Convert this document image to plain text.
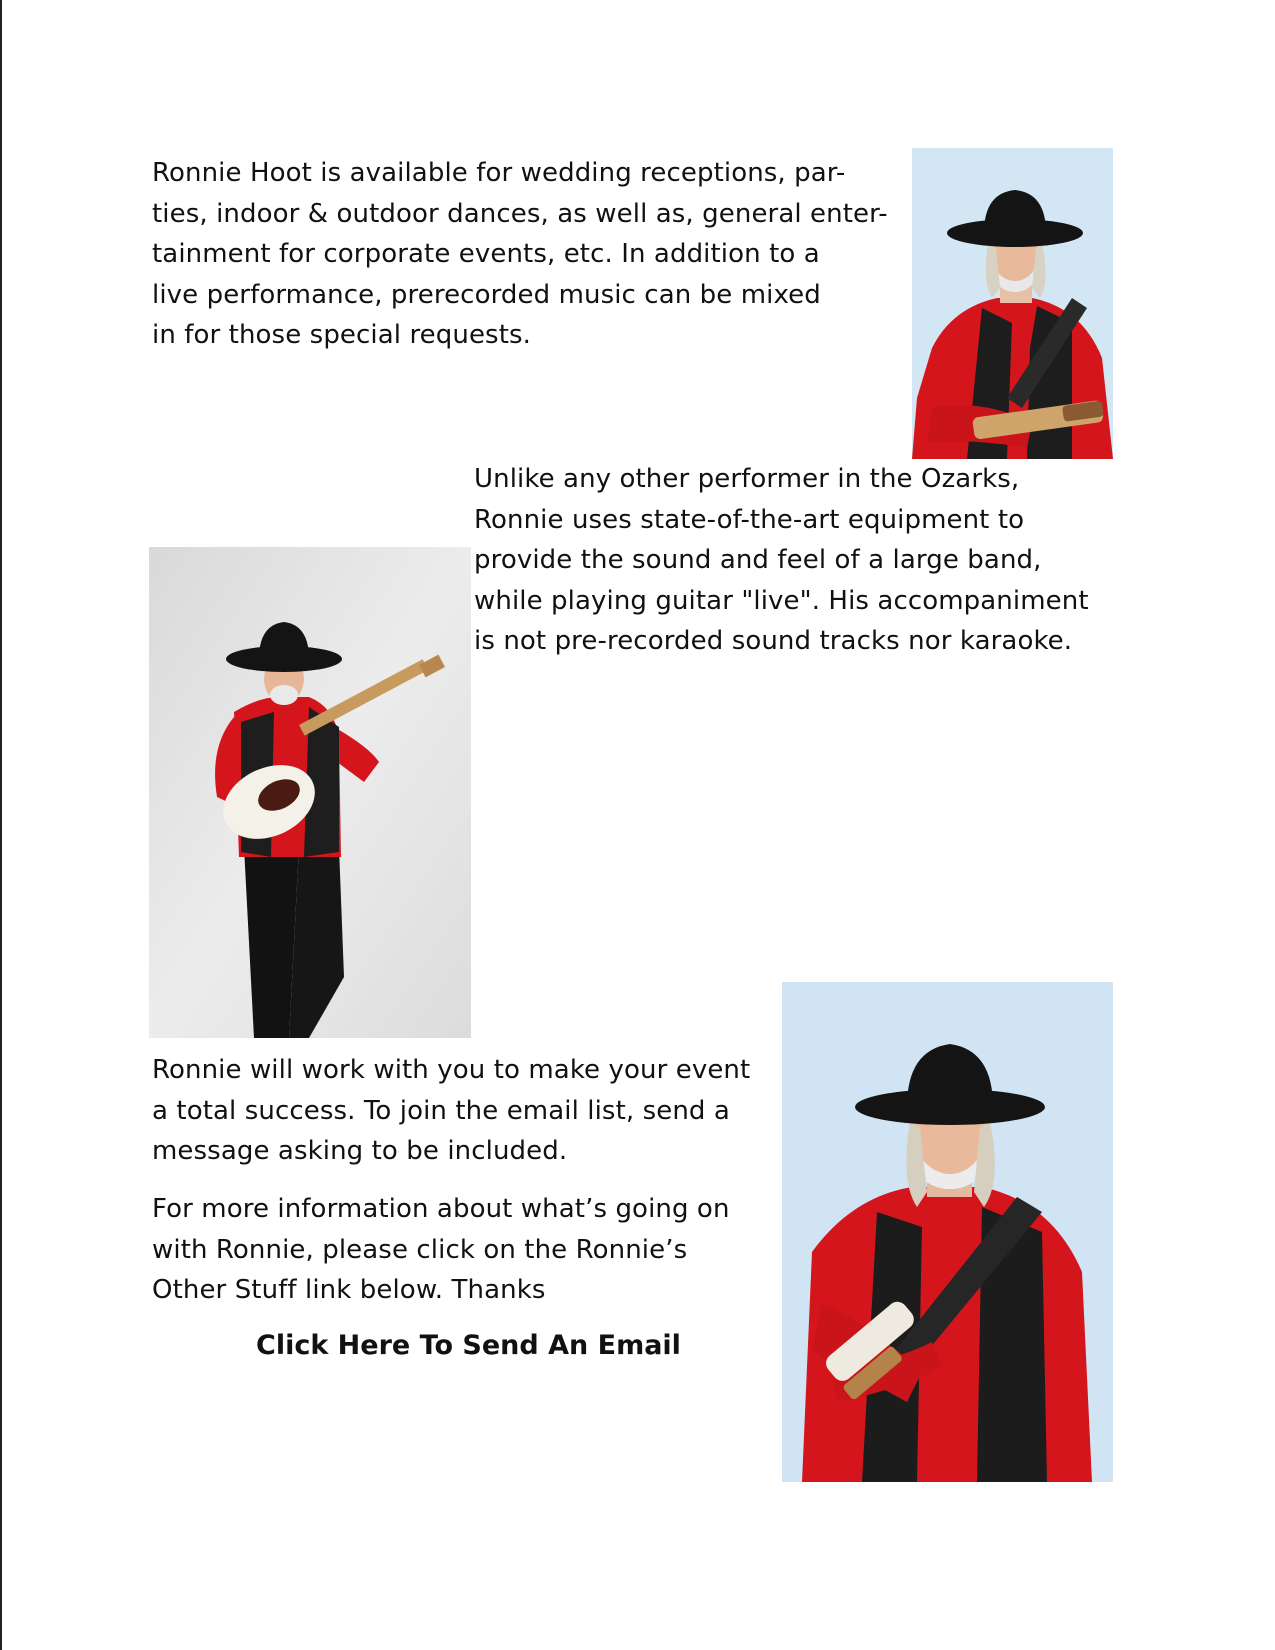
Ronnie Hoot is available for wedding receptions, par-
ties, indoor & outdoor dances, as well as, general enter-
tainment for corporate events, etc. In addition to a
live performance, prerecorded music can be mixed
in for those special requests.
Unlike any other performer in the Ozarks,
Ronnie uses state-of-the-art equipment to
provide the sound and feel of a large band,
while playing guitar "live". His accompaniment
is not pre-recorded sound tracks nor karaoke.
Ronnie will work with you to make your event
a total success. To join the email list, send a
message asking to be included.
For more information about what’s going on
with Ronnie, please click on the Ronnie’s
Other Stuff link below. Thanks
Click Here To Send An Email
